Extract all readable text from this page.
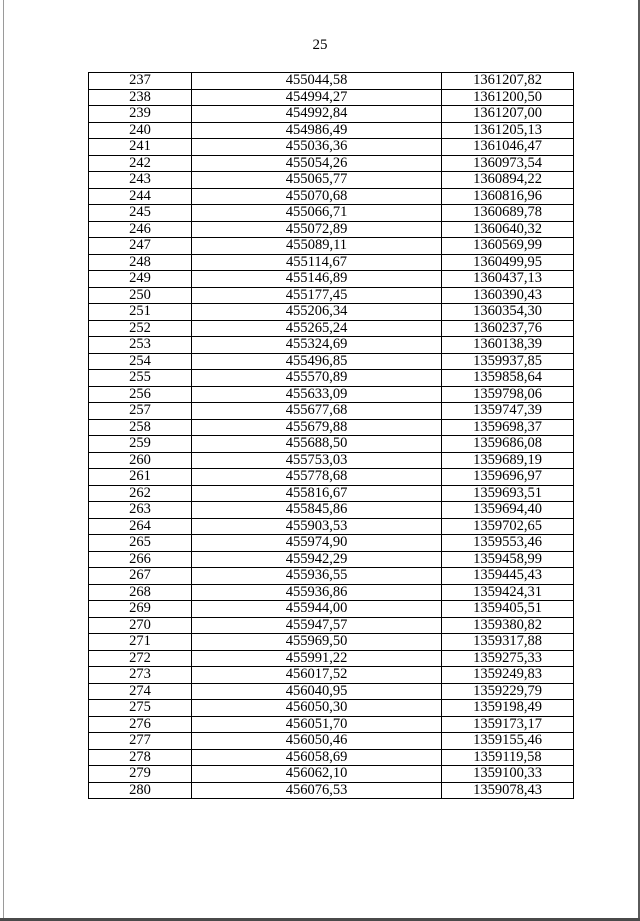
25
237	455044,58	1361207,82
238	454994,27	1361200,50
239	454992,84	1361207,00
240	454986,49	1361205,13
241	455036,36	1361046,47
242	455054,26	1360973,54
243	455065,77	1360894,22
244	455070,68	1360816,96
245	455066,71	1360689,78
246	455072,89	1360640,32
247	455089,11	1360569,99
248	455114,67	1360499,95
249	455146,89	1360437,13
250	455177,45	1360390,43
251	455206,34	1360354,30
252	455265,24	1360237,76
253	455324,69	1360138,39
254	455496,85	1359937,85
255	455570,89	1359858,64
256	455633,09	1359798,06
257	455677,68	1359747,39
258	455679,88	1359698,37
259	455688,50	1359686,08
260	455753,03	1359689,19
261	455778,68	1359696,97
262	455816,67	1359693,51
263	455845,86	1359694,40
264	455903,53	1359702,65
265	455974,90	1359553,46
266	455942,29	1359458,99
267	455936,55	1359445,43
268	455936,86	1359424,31
269	455944,00	1359405,51
270	455947,57	1359380,82
271	455969,50	1359317,88
272	455991,22	1359275,33
273	456017,52	1359249,83
274	456040,95	1359229,79
275	456050,30	1359198,49
276	456051,70	1359173,17
277	456050,46	1359155,46
278	456058,69	1359119,58
279	456062,10	1359100,33
280	456076,53	1359078,43
